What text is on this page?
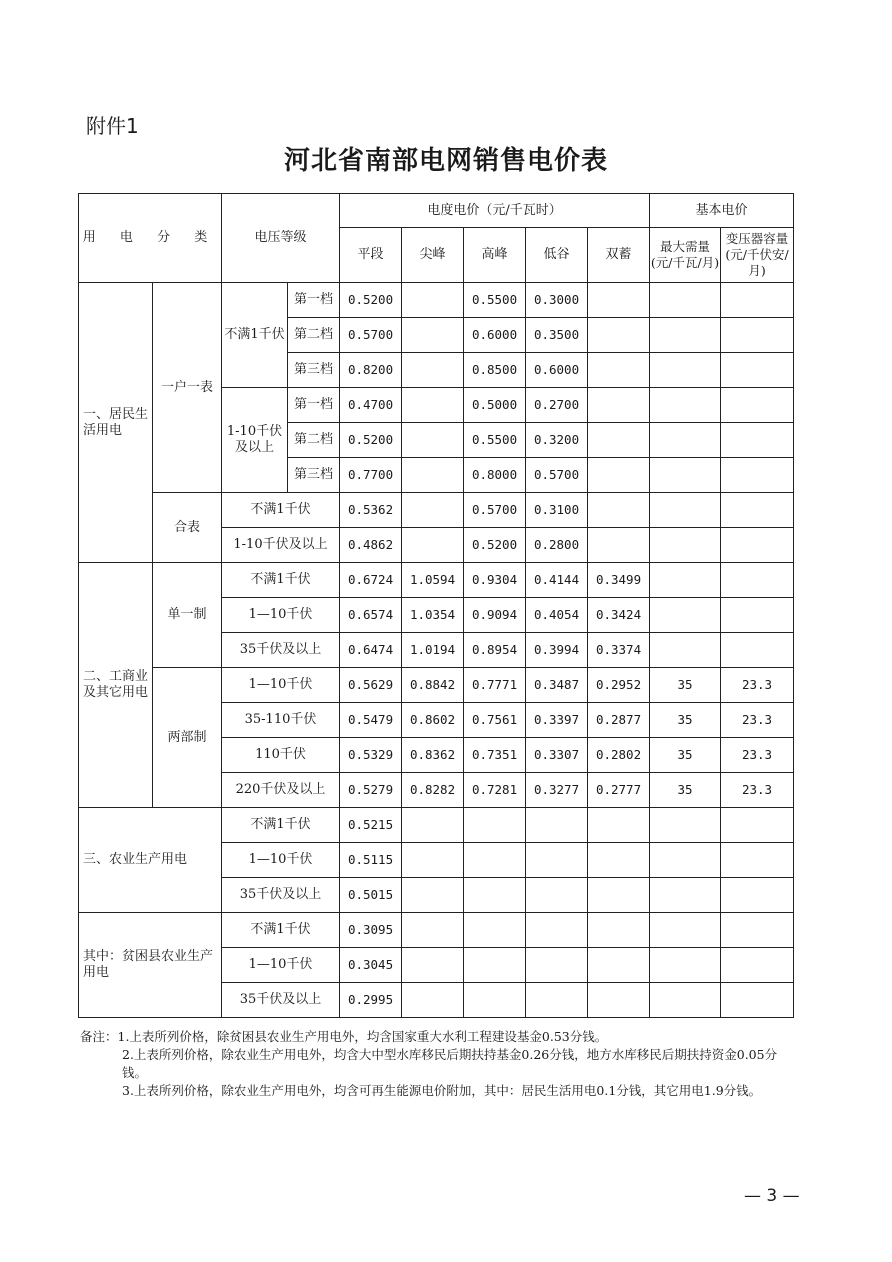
附件1
河北省南部电网销售电价表
用 电 分 类		电压等级		电度电价（元/千瓦时）					基本电价	
				平段	尖峰	高峰	低谷	双蓄	最大需量(元/千瓦/月)	变压器容量(元/千伏安/月)
一、居民生活用电	一户一表	不满1千伏	第一档	0.5200		0.5500	0.3000			
			第二档	0.5700		0.6000	0.3500			
			第三档	0.8200		0.8500	0.6000			
		1-10千伏及以上	第一档	0.4700		0.5000	0.2700			
			第二档	0.5200		0.5500	0.3200			
			第三档	0.7700		0.8000	0.5700			
	合表	不满1千伏		0.5362		0.5700	0.3100			
		1-10千伏及以上		0.4862		0.5200	0.2800			
二、工商业及其它用电	单一制	不满1千伏		0.6724	1.0594	0.9304	0.4144	0.3499		
		1—10千伏		0.6574	1.0354	0.9094	0.4054	0.3424		
		35千伏及以上		0.6474	1.0194	0.8954	0.3994	0.3374		
	两部制	1—10千伏		0.5629	0.8842	0.7771	0.3487	0.2952	35	23.3
		35-110千伏		0.5479	0.8602	0.7561	0.3397	0.2877	35	23.3
		110千伏		0.5329	0.8362	0.7351	0.3307	0.2802	35	23.3
		220千伏及以上		0.5279	0.8282	0.7281	0.3277	0.2777	35	23.3
三、农业生产用电		不满1千伏		0.5215						
		1—10千伏		0.5115						
		35千伏及以上		0.5015						
其中：贫困县农业生产用电		不满1千伏		0.3095						
		1—10千伏		0.3045						
		35千伏及以上		0.2995						

备注：1.上表所列价格，除贫困县农业生产用电外，均含国家重大水利工程建设基金0.53分钱。

2.上表所列价格，除农业生产用电外，均含大中型水库移民后期扶持基金0.26分钱，地方水库移民后期扶持资金0.05分钱。

3.上表所列价格，除农业生产用电外，均含可再生能源电价附加，其中：居民生活用电0.1分钱，其它用电1.9分钱。

— 3 —
